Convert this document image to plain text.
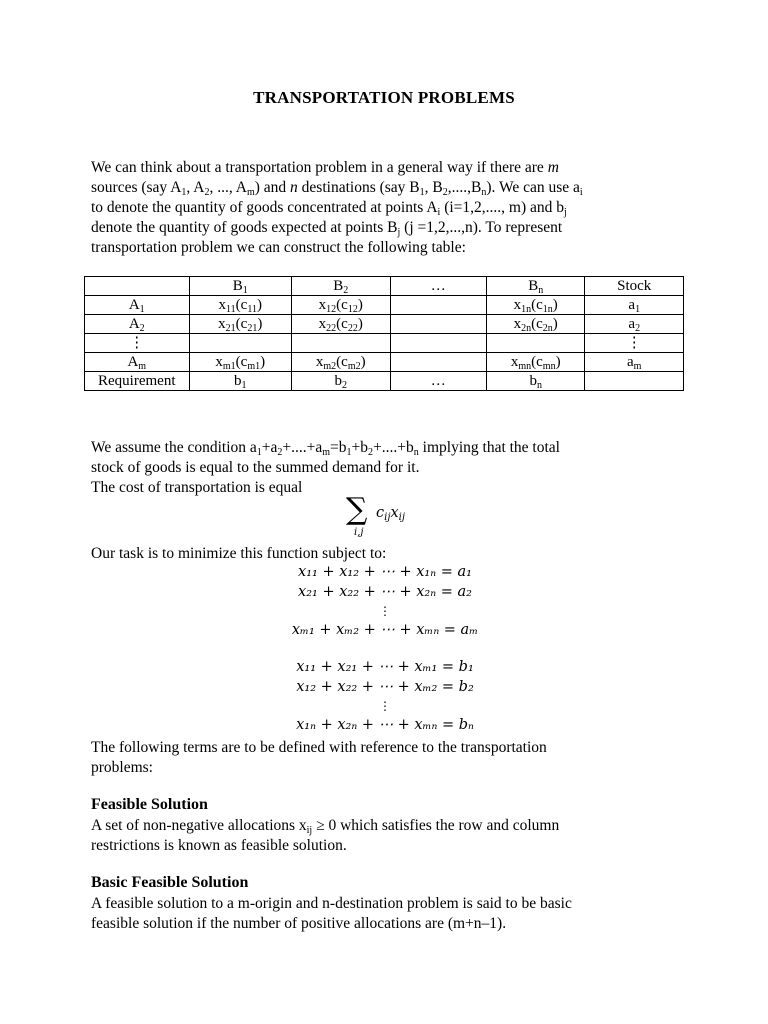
TRANSPORTATION PROBLEMS

We can think about a transportation problem in a general way if there are m

sources (say $A_1$, $A_2$, ..., $A_m$) and n destinations (say $B_1$, $B_2,....,B_n$). We can use $a_i$

to denote the quantity of goods concentrated at points $A_i$ (i=1,2,...., m) and $b_j$

denote the quantity of goods expected at points $B_j$ (j =1,2,...,n). To represent

transportation problem we can construct the following table:

	$B_1$	$B_2$	…	$B_n$	Stock
$A_1$	$x_{11}(c_{11})$	$x_{12}(c_{12})$		$x_{1n}(c_{1n})$	$a_1$
$A_2$	$x_{21}(c_{21})$	$x_{22}(c_{22})$		$x_{2n}(c_{2n})$	$a_2$
⋮					⋮
$A_m$	$x_{m1}(c_{m1})$	$x_{m2}(c_{m2})$		$x_{mn}(c_{mn})$	$a_m$
Requirement	$b_1$	$b_2$	…	$b_n$	

We assume the condition $a_1+a_2+....+a_m=b_1+b_2+....+b_n$ implying that the total

stock of goods is equal to the summed demand for it.

The cost of transportation is equal

∑ $c_{ij}x_{ij}$
i,j
Our task is to minimize this function subject to:
x₁₁ + x₁₂ + ⋯ + x₁ₙ = a₁
x₂₁ + x₂₂ + ⋯ + x₂ₙ = a₂
⋮
xₘ₁ + xₘ₂ + ⋯ + xₘₙ = aₘ
x₁₁ + x₂₁ + ⋯ + xₘ₁ = b₁
x₁₂ + x₂₂ + ⋯ + xₘ₂ = b₂
⋮
x₁ₙ + x₂ₙ + ⋯ + xₘₙ = bₙ

The following terms are to be defined with reference to the transportation

problems:

Feasible Solution

A set of non-negative allocations $x_{ij} \ge 0$ which satisfies the row and column

restrictions is known as feasible solution.

Basic Feasible Solution

A feasible solution to a m-origin and n-destination problem is said to be basic

feasible solution if the number of positive allocations are (m+n–1).
